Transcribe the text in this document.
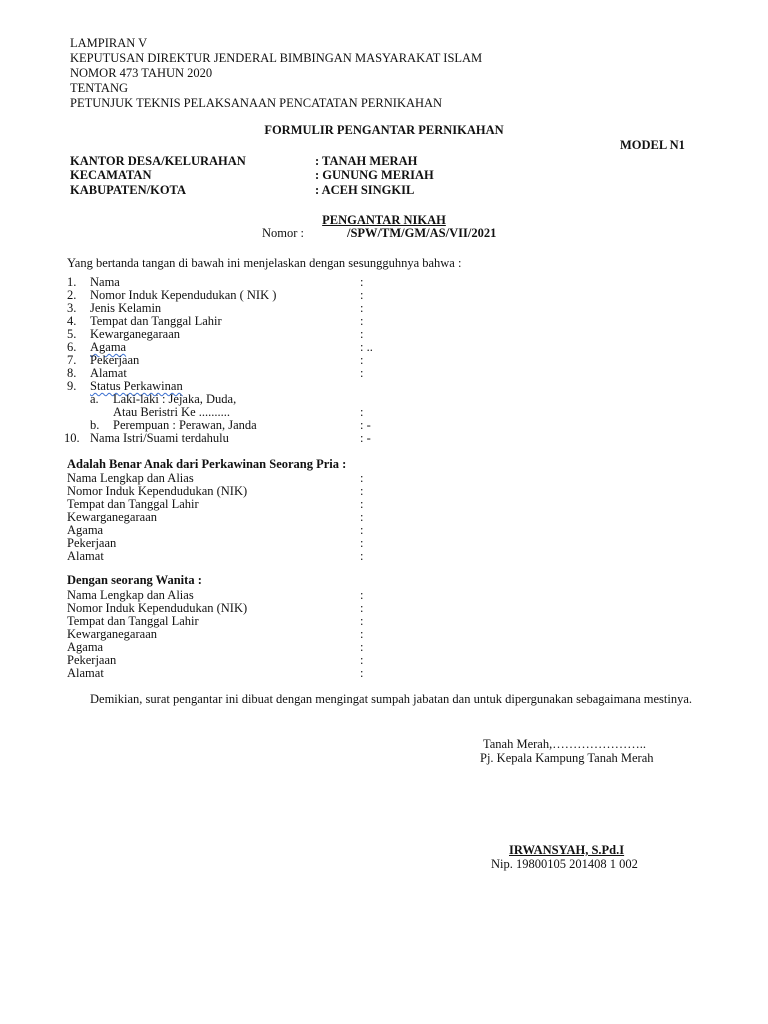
LAMPIRAN V
KEPUTUSAN DIREKTUR JENDERAL BIMBINGAN MASYARAKAT ISLAM
NOMOR 473 TAHUN 2020
TENTANG
PETUNJUK TEKNIS PELAKSANAAN PENCATATAN PERNIKAHAN
FORMULIR PENGANTAR PERNIKAHAN
MODEL N1
KANTOR DESA/KELURAHAN	: TANAH MERAH
KECAMATAN	: GUNUNG MERIAH
KABUPATEN/KOTA	: ACEH SINGKIL
PENGANTAR NIKAH
Nomor :	/SPW/TM/GM/AS/VII/2021
Yang bertanda tangan di bawah ini menjelaskan dengan sesungguhnya bahwa :
1. Nama	:
2. Nomor Induk Kependudukan ( NIK )	:
3. Jenis Kelamin	:
4. Tempat dan Tanggal Lahir	:
5. Kewarganegaraan	:
6. Agama	: ..
7. Pekerjaan	:
8. Alamat	:
9. Status Perkawinan
a. Laki-laki : Jejaka, Duda,
Atau Beristri Ke ..........	:
b. Perempuan : Perawan, Janda	: -
10. Nama Istri/Suami terdahulu	: -
Adalah Benar Anak dari Perkawinan Seorang Pria :
Nama Lengkap dan Alias	:
Nomor Induk Kependudukan (NIK)	:
Tempat dan Tanggal Lahir	:
Kewarganegaraan	:
Agama	:
Pekerjaan	:
Alamat	:
Dengan seorang Wanita :
Nama Lengkap dan Alias	:
Nomor Induk Kependudukan (NIK)	:
Tempat dan Tanggal Lahir	:
Kewarganegaraan	:
Agama	:
Pekerjaan	:
Alamat	:
Demikian, surat pengantar ini dibuat dengan mengingat sumpah jabatan dan untuk dipergunakan sebagaimana mestinya.
Tanah Merah,…………………..
Pj. Kepala Kampung Tanah Merah
IRWANSYAH, S.Pd.I
Nip. 19800105 201408 1 002
